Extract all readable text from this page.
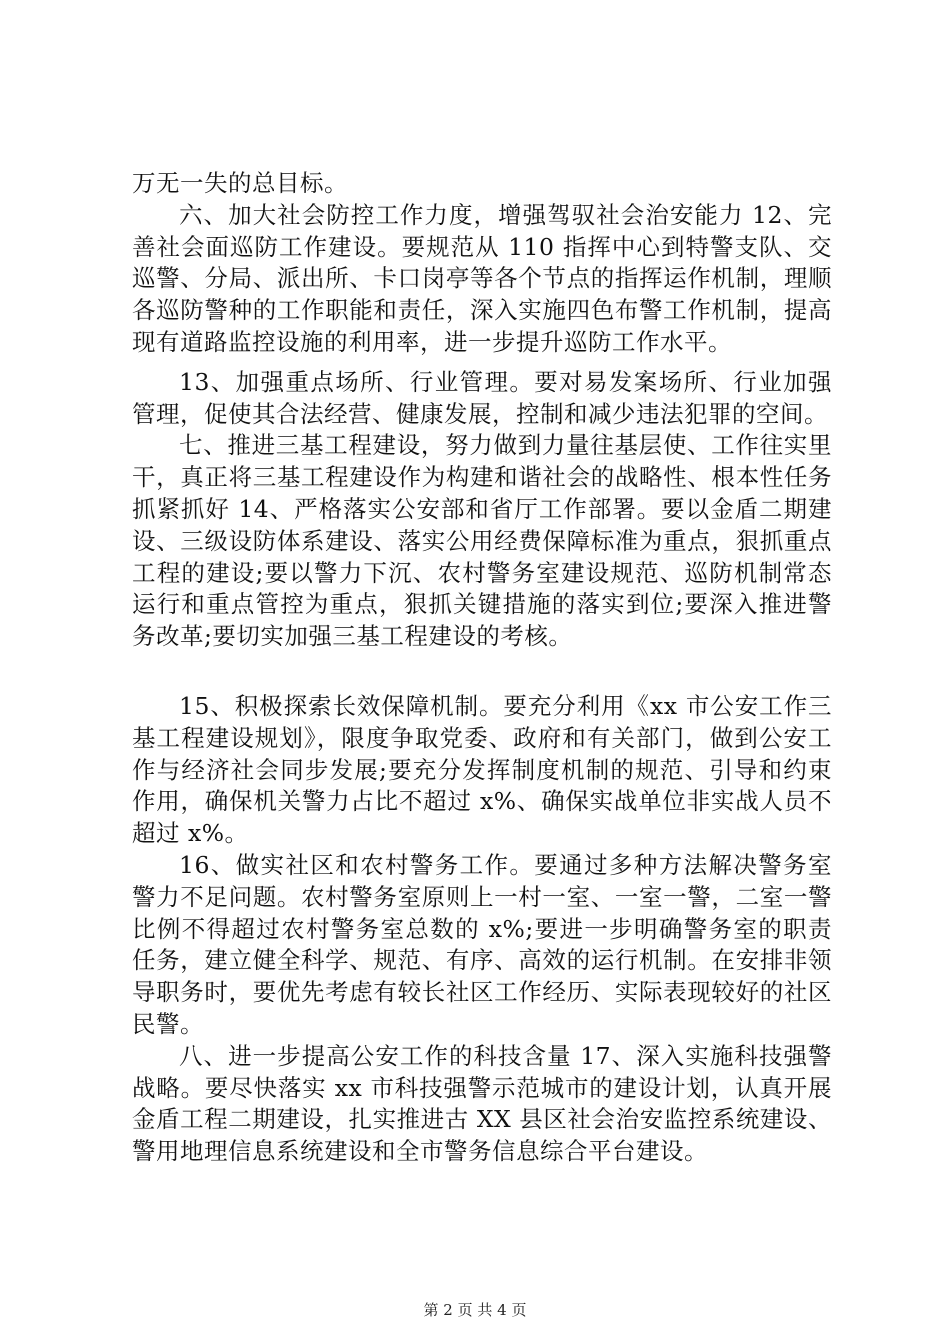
万无一失的总目标。

六、加大社会防控工作力度，增强驾驭社会治安能力 12、完善社会面巡防工作建设。要规范从 110 指挥中心到特警支队、交巡警、分局、派出所、卡口岗亭等各个节点的指挥运作机制，理顺各巡防警种的工作职能和责任，深入实施四色布警工作机制，提高现有道路监控设施的利用率，进一步提升巡防工作水平。

13、加强重点场所、行业管理。要对易发案场所、行业加强管理，促使其合法经营、健康发展，控制和减少违法犯罪的空间。

七、推进三基工程建设，努力做到力量往基层使、工作往实里干，真正将三基工程建设作为构建和谐社会的战略性、根本性任务抓紧抓好 14、严格落实公安部和省厅工作部署。要以金盾二期建设、三级设防体系建设、落实公用经费保障标准为重点，狠抓重点工程的建设;要以警力下沉、农村警务室建设规范、巡防机制常态运行和重点管控为重点，狠抓关键措施的落实到位;要深入推进警务改革;要切实加强三基工程建设的考核。

15、积极探索长效保障机制。要充分利用《xx 市公安工作三基工程建设规划》，限度争取党委、政府和有关部门，做到公安工作与经济社会同步发展;要充分发挥制度机制的规范、引导和约束作用，确保机关警力占比不超过 x%、确保实战单位非实战人员不超过 x%。

16、做实社区和农村警务工作。要通过多种方法解决警务室警力不足问题。农村警务室原则上一村一室、一室一警，二室一警比例不得超过农村警务室总数的 x%;要进一步明确警务室的职责任务，建立健全科学、规范、有序、高效的运行机制。在安排非领导职务时，要优先考虑有较长社区工作经历、实际表现较好的社区民警。

八、进一步提高公安工作的科技含量 17、深入实施科技强警战略。要尽快落实 xx 市科技强警示范城市的建设计划，认真开展金盾工程二期建设，扎实推进古 XX 县区社会治安监控系统建设、警用地理信息系统建设和全市警务信息综合平台建设。

第 2 页 共 4 页
